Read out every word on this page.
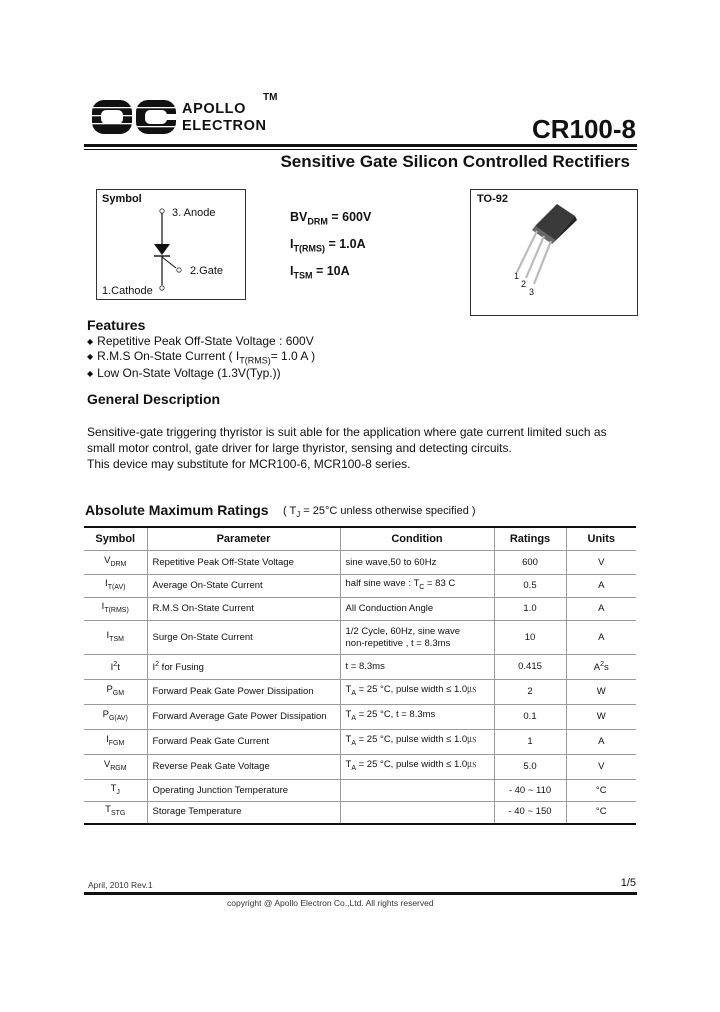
APOLLO
ELECTRON
TM
CR100-8
Sensitive Gate Silicon Controlled Rectifiers
Symbol
3. Anode
2.Gate
1.Cathode
$BV_{DRM} = 600V$
$I_{T(RMS)} = 1.0A$
$I_{TSM} = 10A$
TO-92
1
2
3
Features
◆ Repetitive Peak Off-State Voltage : 600V
◆ R.M.S On-State Current ( $I_{T(RMS)}= 1.0$ A )
◆ Low On-State Voltage (1.3V(Typ.))
General Description
Sensitive-gate triggering thyristor is suit able for the application where gate current limited such as
small motor control, gate driver for large thyristor, sensing and detecting circuits.
This device may substitute for MCR100-6, MCR100-8 series.
Absolute Maximum Ratings ( $T_J = 25^\circ C$ unless otherwise specified )
Symbol	Parameter	Condition	Ratings	Units
$V_{DRM}$	Repetitive Peak Off-State Voltage	sine wave,50 to 60Hz	600	V
$I_{T(AV)}$	Average On-State Current	half sine wave : $T_C = 83$ C	0.5	A
$I_{T(RMS)}$	R.M.S On-State Current	All Conduction Angle	1.0	A
$I_{TSM}$	Surge On-State Current	1/2 Cycle, 60Hz, sine wave
non-repetitive , t = 8.3ms	10	A
$I^2t$	$I^2$ for Fusing	t = 8.3ms	0.415	$A^2s$
$P_{GM}$	Forward Peak Gate Power Dissipation	$T_A = 25$ °C, pulse width ≤ 1.0㎲	2	W
$P_{G(AV)}$	Forward Average Gate Power Dissipation	$T_A = 25$ °C, t = 8.3ms	0.1	W
$I_{FGM}$	Forward Peak Gate Current	$T_A = 25$ °C, pulse width ≤ 1.0㎲	1	A
$V_{RGM}$	Reverse Peak Gate Voltage	$T_A = 25$ °C, pulse width ≤ 1.0㎲	5.0	V
$T_J$	Operating Junction Temperature		- 40 ~ 110	°C
$T_{STG}$	Storage Temperature		- 40 ~ 150	°C
April, 2010 Rev.1	1/5
copyright @ Apollo Electron Co.,Ltd. All rights reserved
